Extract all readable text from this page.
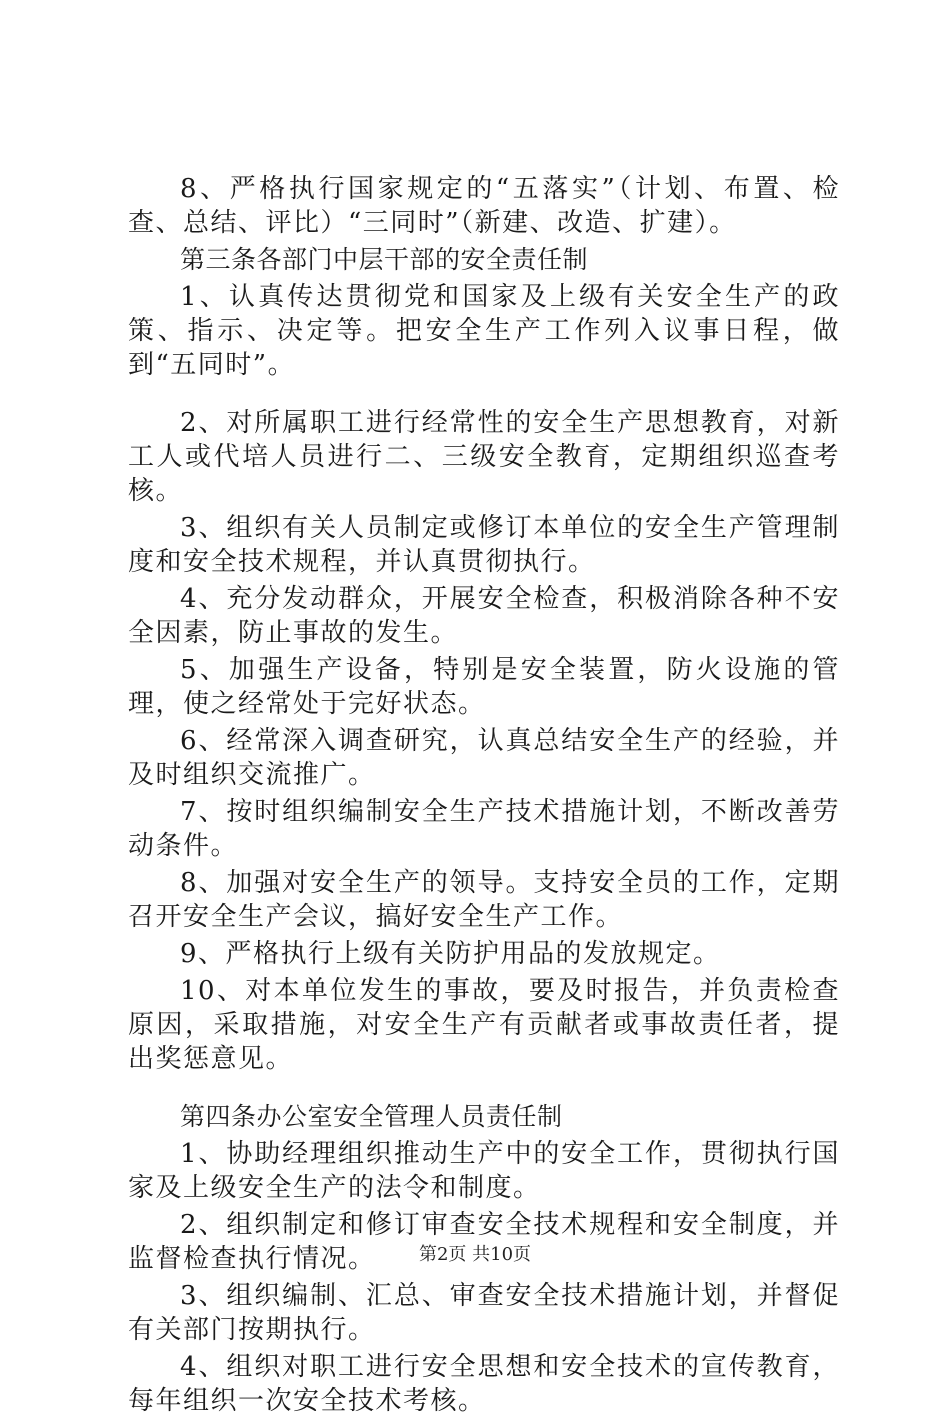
8、严格执行国家规定的“五落实”（计划、布置、检查、总结、评比）“三同时”（新建、改造、扩建）。

第三条各部门中层干部的安全责任制

1、认真传达贯彻党和国家及上级有关安全生产的政策、指示、决定等。把安全生产工作列入议事日程，做到“五同时”。

2、对所属职工进行经常性的安全生产思想教育，对新工人或代培人员进行二、三级安全教育，定期组织巡查考核。

3、组织有关人员制定或修订本单位的安全生产管理制度和安全技术规程，并认真贯彻执行。

4、充分发动群众，开展安全检查，积极消除各种不安全因素，防止事故的发生。

5、加强生产设备，特别是安全装置，防火设施的管理，使之经常处于完好状态。

6、经常深入调查研究，认真总结安全生产的经验，并及时组织交流推广。

7、按时组织编制安全生产技术措施计划，不断改善劳动条件。

8、加强对安全生产的领导。支持安全员的工作，定期召开安全生产会议，搞好安全生产工作。

9、严格执行上级有关防护用品的发放规定。

10、对本单位发生的事故，要及时报告，并负责检查原因，采取措施，对安全生产有贡献者或事故责任者，提出奖惩意见。

第四条办公室安全管理人员责任制

1、协助经理组织推动生产中的安全工作，贯彻执行国家及上级安全生产的法令和制度。

2、组织制定和修订审查安全技术规程和安全制度，并监督检查执行情况。

3、组织编制、汇总、审查安全技术措施计划，并督促有关部门按期执行。

4、组织对职工进行安全思想和安全技术的宣传教育，每年组织一次安全技术考核。

第2页 共10页
